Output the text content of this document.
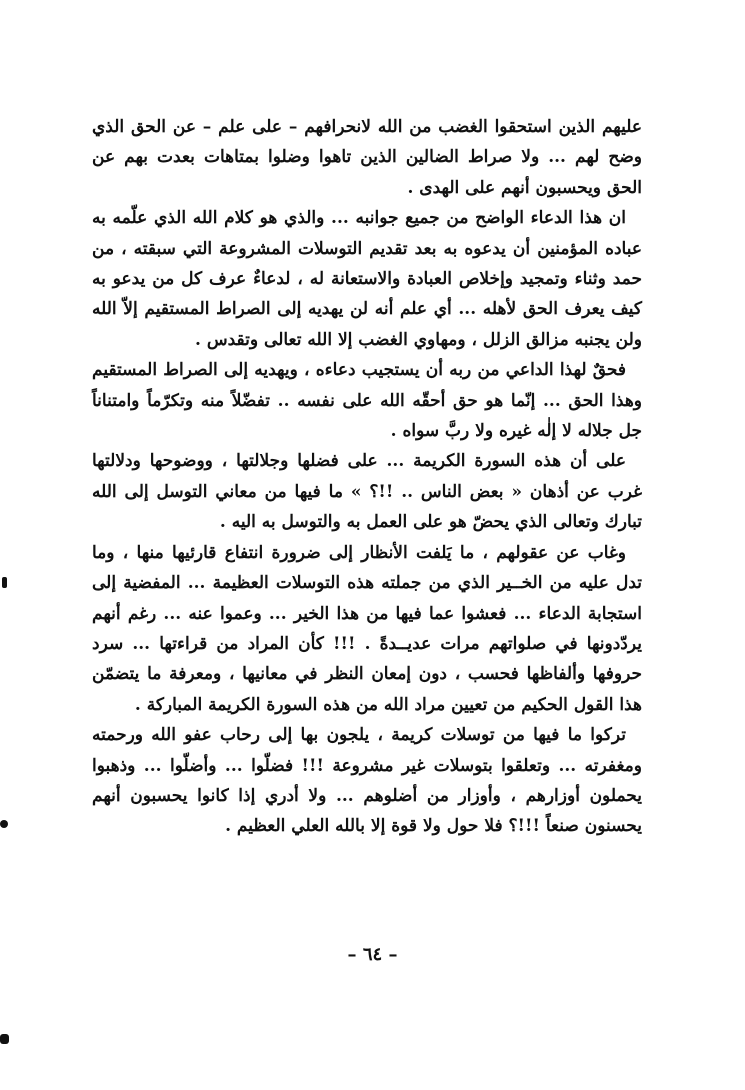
عليهم الذين استحقوا الغضب من الله لانحرافهم – على علم – عن الحق الذي وضح لهم ... ولا صراط الضالين الذين تاهوا وضلوا بمتاهات بعدت بهم عن الحق ويحسبون أنهم على الهدى .

ان هذا الدعاء الواضح من جميع جوانبه ... والذي هو كلام الله الذي علّمه به عباده المؤمنين أن يدعوه به بعد تقديم التوسلات المشروعة التي سبقته ، من حمد وثناء وتمجيد وإخلاص العبادة والاستعانة له ، لدعاءٌ عرف كل من يدعو به كيف يعرف الحق لأهله ... أي علم أنه لن يهديه إلى الصراط المستقيم إلاّ الله ولن يجنبه مزالق الزلل ، ومهاوي الغضب إلا الله تعالى وتقدس .

فحقٌ لهذا الداعي من ربه أن يستجيب دعاءه ، ويهديه إلى الصراط المستقيم وهذا الحق ... إنّما هو حق أحقّه الله على نفسه .. تفضّلاً منه وتكرّماً وامتناناً جل جلاله لا إلٰه غيره ولا ربَّ سواه .

على أن هذه السورة الكريمة ... على فضلها وجلالتها ، ووضوحها ودلالتها غرب عن أذهان « بعض الناس .. !!؟ » ما فيها من معاني التوسل إلى الله تبارك وتعالى الذي يحضّ هو على العمل به والتوسل به اليه .

وغاب عن عقولهم ، ما يَلفت الأنظار إلى ضرورة انتفاع قارئيها منها ، وما تدل عليه من الخــير الذي من جملته هذه التوسلات العظيمة ... المفضية إلى استجابة الدعاء ... فعشوا عما فيها من هذا الخير ... وعموا عنه ... رغم أنهم يردّدونها في صلواتهم مرات عديــدةً . !!! كأن المراد من قراءتها ... سرد حروفها وألفاظها فحسب ، دون إمعان النظر في معانيها ، ومعرفة ما يتضمّن هذا القول الحكيم من تعيين مراد الله من هذه السورة الكريمة المباركة .

تركوا ما فيها من توسلات كريمة ، يلجون بها إلى رحاب عفو الله ورحمته ومغفرته ... وتعلقوا بتوسلات غير مشروعة !!! فضلّوا ... وأضلّوا ... وذهبوا يحملون أوزارهم ، وأوزار من أضلوهم ... ولا أدري إذا كانوا يحسبون أنهم يحسنون صنعاً !!!؟ فلا حول ولا قوة إلا بالله العلي العظيم .

– ٦٤ –
